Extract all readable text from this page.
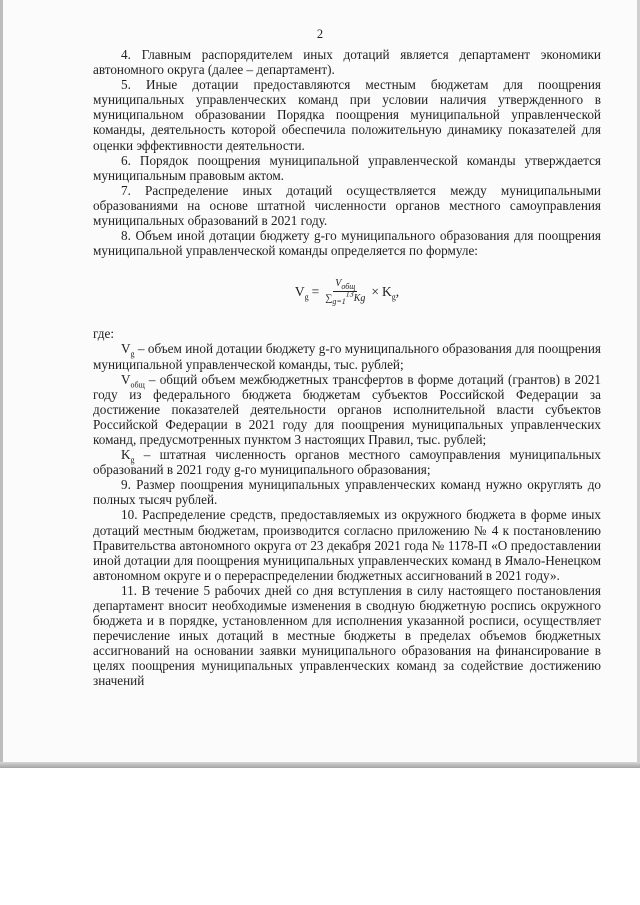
2

4. Главным распорядителем иных дотаций является департамент экономики автономного округа (далее – департамент).

5. Иные дотации предоставляются местным бюджетам для поощрения муниципальных управленческих команд при условии наличия утвержденного в муниципальном образовании Порядка поощрения муниципальной управленческой команды, деятельность которой обеспечила положительную динамику показателей для оценки эффективности деятельности.

6. Порядок поощрения муниципальной управленческой команды утверждается муниципальным правовым актом.

7. Распределение иных дотаций осуществляется между муниципальными образованиями на основе штатной численности органов местного самоуправления муниципальных образований в 2021 году.

8. Объем иной дотации бюджету g-го муниципального образования для поощрения муниципальной управленческой команды определяется по формуле:

$V_g = \frac{V_{общ}}{\sum_{g=1}^{13}Kg} \times K_g$ ,

где:

$V_g$ – объем иной дотации бюджету g-го муниципального образования для поощрения муниципальной управленческой команды, тыс. рублей;

$V_{общ}$ – общий объем межбюджетных трансфертов в форме дотаций (грантов) в 2021 году из федерального бюджета бюджетам субъектов Российской Федерации за достижение показателей деятельности органов исполнительной власти субъектов Российской Федерации в 2021 году для поощрения муниципальных управленческих команд, предусмотренных пунктом 3 настоящих Правил, тыс. рублей;

$K_g$ – штатная численность органов местного самоуправления муниципальных образований в 2021 году g-го муниципального образования;

9. Размер поощрения муниципальных управленческих команд нужно округлять до полных тысяч рублей.

10. Распределение средств, предоставляемых из окружного бюджета в форме иных дотаций местным бюджетам, производится согласно приложению № 4 к постановлению Правительства автономного округа от 23 декабря 2021 года № 1178-П «О предоставлении иной дотации для поощрения муниципальных управленческих команд в Ямало-Ненецком автономном округе и о перераспределении бюджетных ассигнований в 2021 году».

11. В течение 5 рабочих дней со дня вступления в силу настоящего постановления департамент вносит необходимые изменения в сводную бюджетную роспись окружного бюджета и в порядке, установленном для исполнения указанной росписи, осуществляет перечисление иных дотаций в местные бюджеты в пределах объемов бюджетных ассигнований на основании заявки муниципального образования на финансирование в целях поощрения муниципальных управленческих команд за содействие достижению значений
